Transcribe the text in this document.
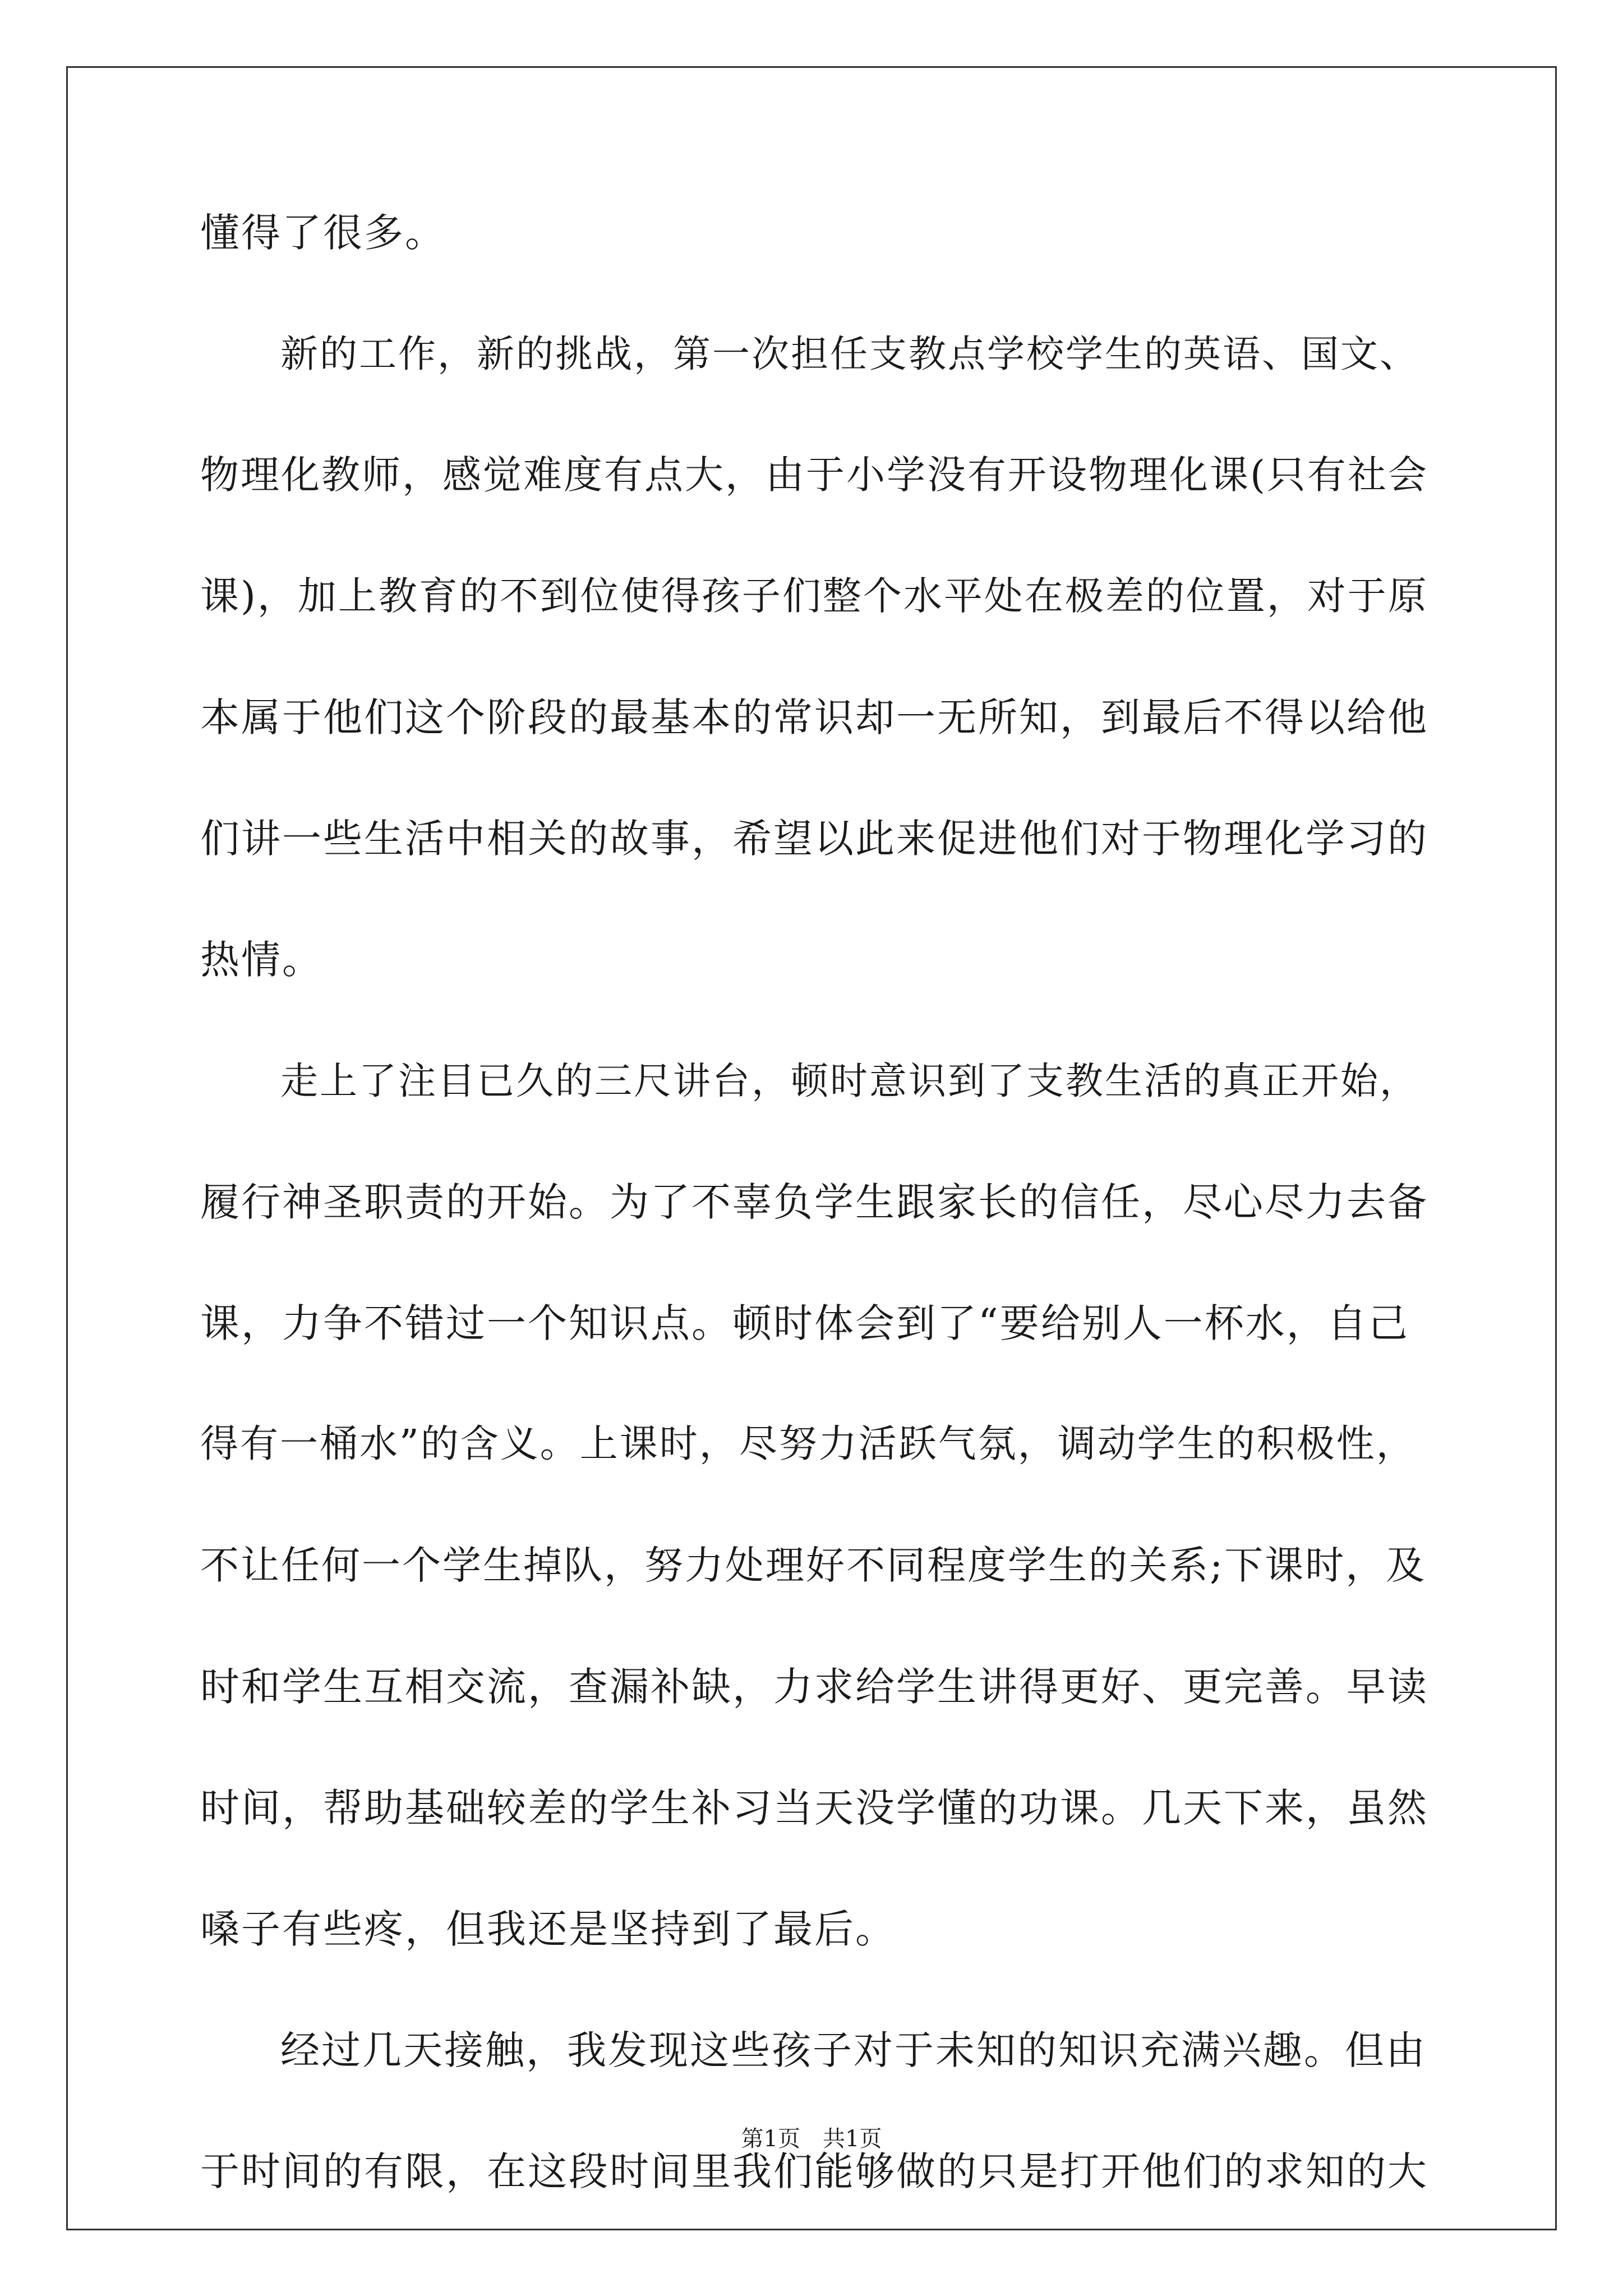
懂得了很多。
新的工作，新的挑战，第一次担任支教点学校学生的英语、国文、
物理化教师，感觉难度有点大，由于小学没有开设物理化课(只有社会
课)，加上教育的不到位使得孩子们整个水平处在极差的位置，对于原
本属于他们这个阶段的最基本的常识却一无所知，到最后不得以给他
们讲一些生活中相关的故事，希望以此来促进他们对于物理化学习的
热情。
走上了注目已久的三尺讲台，顿时意识到了支教生活的真正开始，
履行神圣职责的开始。为了不辜负学生跟家长的信任，尽心尽力去备
课，力争不错过一个知识点。顿时体会到了“要给别人一杯水，自己
得有一桶水”的含义。上课时，尽努力活跃气氛，调动学生的积极性，
不让任何一个学生掉队，努力处理好不同程度学生的关系;下课时，及
时和学生互相交流，查漏补缺，力求给学生讲得更好、更完善。早读
时间，帮助基础较差的学生补习当天没学懂的功课。几天下来，虽然
嗓子有些疼，但我还是坚持到了最后。
经过几天接触，我发现这些孩子对于未知的知识充满兴趣。但由
于时间的有限，在这段时间里我们能够做的只是打开他们的求知的大
第1页 共1页
